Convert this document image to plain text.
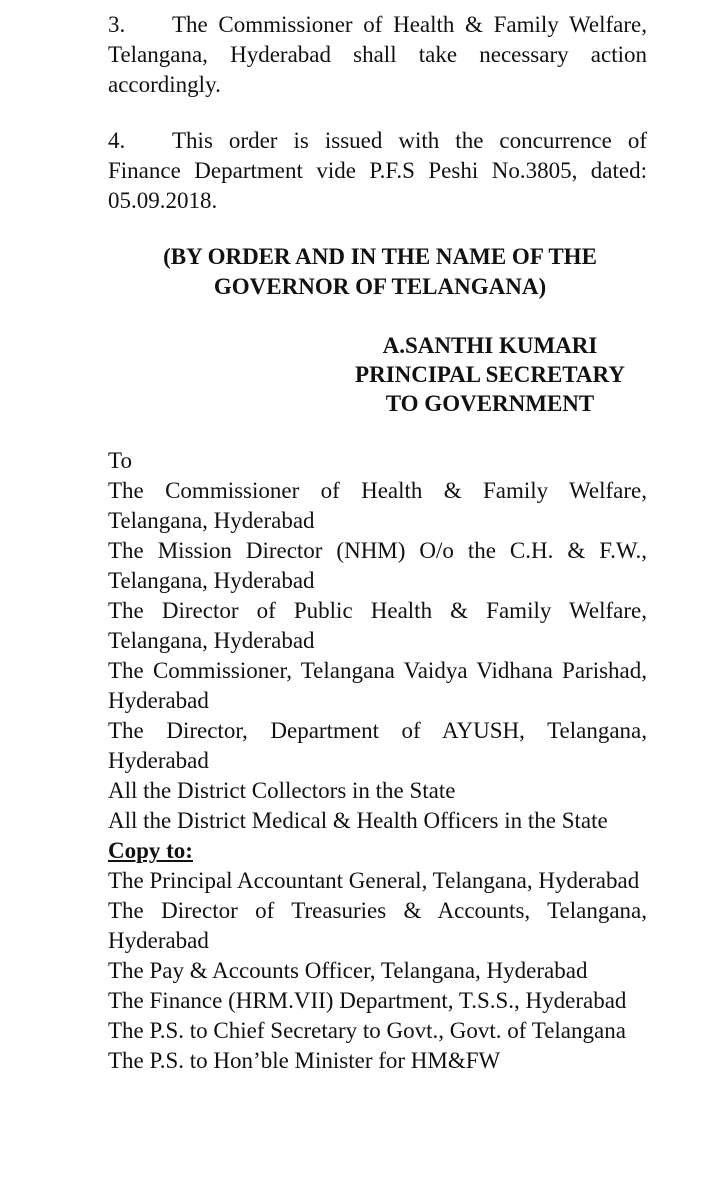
3. The Commissioner of Health & Family Welfare, Telangana, Hyderabad shall take necessary action accordingly.
4. This order is issued with the concurrence of Finance Department vide P.F.S Peshi No.3805, dated: 05.09.2018.
(BY ORDER AND IN THE NAME OF THE
GOVERNOR OF TELANGANA)
A.SANTHI KUMARI
PRINCIPAL SECRETARY
TO GOVERNMENT
To
The Commissioner of Health & Family Welfare, Telangana, Hyderabad
The Mission Director (NHM) O/o the C.H. & F.W., Telangana, Hyderabad
The Director of Public Health & Family Welfare, Telangana, Hyderabad
The Commissioner, Telangana Vaidya Vidhana Parishad, Hyderabad
The Director, Department of AYUSH, Telangana, Hyderabad
All the District Collectors in the State
All the District Medical & Health Officers in the State
Copy to:
The Principal Accountant General, Telangana, Hyderabad
The Director of Treasuries & Accounts, Telangana, Hyderabad
The Pay & Accounts Officer, Telangana, Hyderabad
The Finance (HRM.VII) Department, T.S.S., Hyderabad
The P.S. to Chief Secretary to Govt., Govt. of Telangana
The P.S. to Hon’ble Minister for HM&FW
